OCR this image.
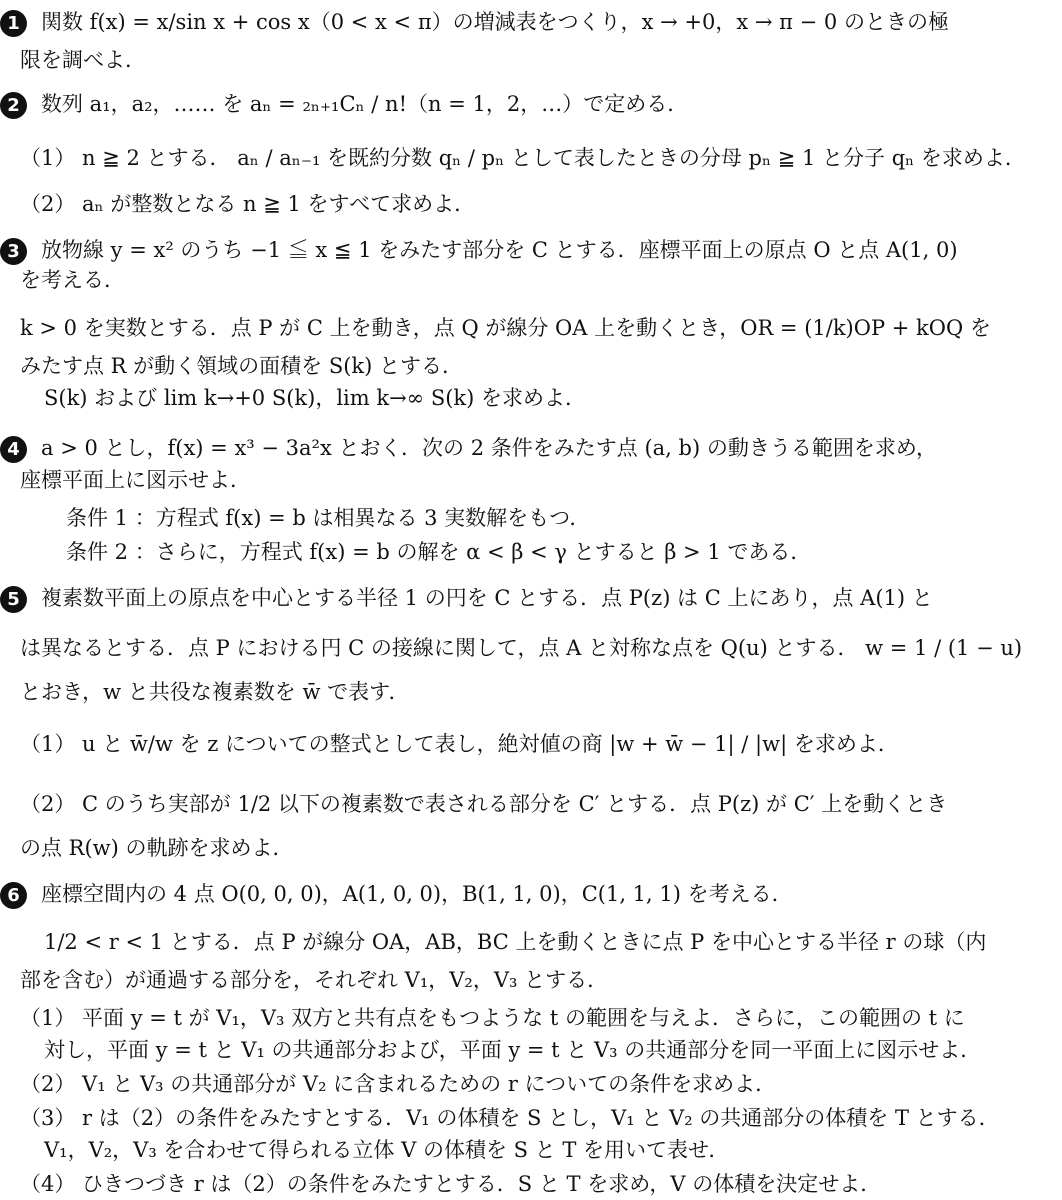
1 関数 f(x) = x/sin x + cos x（0 < x < π）の増減表をつくり，x → +0，x → π − 0 のときの極
限を調べよ．
2 数列 a₁，a₂，…… を aₙ = ₂ₙ₊₁Cₙ / n!（n = 1，2，…）で定める．
（1） n ≧ 2 とする． aₙ / aₙ₋₁ を既約分数 qₙ / pₙ として表したときの分母 pₙ ≧ 1 と分子 qₙ を求めよ．
（2） aₙ が整数となる n ≧ 1 をすべて求めよ．
3 放物線 y = x² のうち −1 ≦ x ≦ 1 をみたす部分を C とする．座標平面上の原点 O と点 A(1, 0)
を考える．
k > 0 を実数とする．点 P が C 上を動き，点 Q が線分 OA 上を動くとき，OR = (1/k)OP + kOQ を
みたす点 R が動く領域の面積を S(k) とする．
S(k) および lim k→+0 S(k)，lim k→∞ S(k) を求めよ．
4 a > 0 とし，f(x) = x³ − 3a²x とおく．次の 2 条件をみたす点 (a, b) の動きうる範囲を求め，
座標平面上に図示せよ．
条件 1 ：方程式 f(x) = b は相異なる 3 実数解をもつ．
条件 2 ：さらに，方程式 f(x) = b の解を α < β < γ とすると β > 1 である．
5 複素数平面上の原点を中心とする半径 1 の円を C とする．点 P(z) は C 上にあり，点 A(1) と
は異なるとする．点 P における円 C の接線に関して，点 A と対称な点を Q(u) とする． w = 1 / (1 − u)
とおき，w と共役な複素数を w̄ で表す．
（1） u と w̄/w を z についての整式として表し，絶対値の商 |w + w̄ − 1| / |w| を求めよ．
（2） C のうち実部が 1/2 以下の複素数で表される部分を C′ とする．点 P(z) が C′ 上を動くとき
の点 R(w) の軌跡を求めよ．
6 座標空間内の 4 点 O(0, 0, 0)，A(1, 0, 0)，B(1, 1, 0)，C(1, 1, 1) を考える．
1/2 < r < 1 とする．点 P が線分 OA，AB，BC 上を動くときに点 P を中心とする半径 r の球（内
部を含む）が通過する部分を，それぞれ V₁，V₂，V₃ とする．
（1） 平面 y = t が V₁，V₃ 双方と共有点をもつような t の範囲を与えよ．さらに，この範囲の t に
対し，平面 y = t と V₁ の共通部分および，平面 y = t と V₃ の共通部分を同一平面上に図示せよ．
（2） V₁ と V₃ の共通部分が V₂ に含まれるための r についての条件を求めよ．
（3） r は（2）の条件をみたすとする．V₁ の体積を S とし，V₁ と V₂ の共通部分の体積を T とする．
V₁，V₂，V₃ を合わせて得られる立体 V の体積を S と T を用いて表せ．
（4） ひきつづき r は（2）の条件をみたすとする．S と T を求め，V の体積を決定せよ．
